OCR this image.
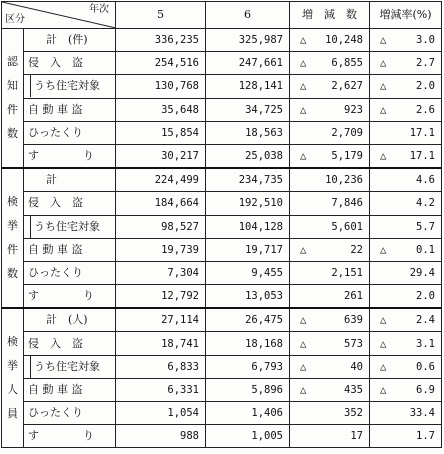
年次
区分		5	6	増　減　数	増減率(%)

認
知
件
数	計　(件)	336,235	325,987	△ 10,248	△ 3.0

	侵　入　盗	254,516	247,661	△ 6,855	△ 2.7

	うち住宅対象	130,768	128,141	△ 2,627	△ 2.0

	自 動 車 盗	35,648	34,725	△ 923	△ 2.6

	ひったくり	15,854	18,563	2,709	17.1

	す　　　　り	30,217	25,038	△ 5,179	△ 17.1

検
挙
件
数	計	224,499	234,735	10,236	4.6

	侵　入　盗	184,664	192,510	7,846	4.2

	うち住宅対象	98,527	104,128	5,601	5.7

	自 動 車 盗	19,739	19,717	△ 22	△ 0.1

	ひったくり	7,304	9,455	2,151	29.4

	す　　　　り	12,792	13,053	261	2.0

検
挙
人
員	計　(人)	27,114	26,475	△ 639	△ 2.4

	侵　入　盗	18,741	18,168	△ 573	△ 3.1

	うち住宅対象	6,833	6,793	△ 40	△ 0.6

	自 動 車 盗	6,331	5,896	△ 435	△ 6.9

	ひったくり	1,054	1,406	352	33.4

	す　　　　り	988	1,005	17	1.7
